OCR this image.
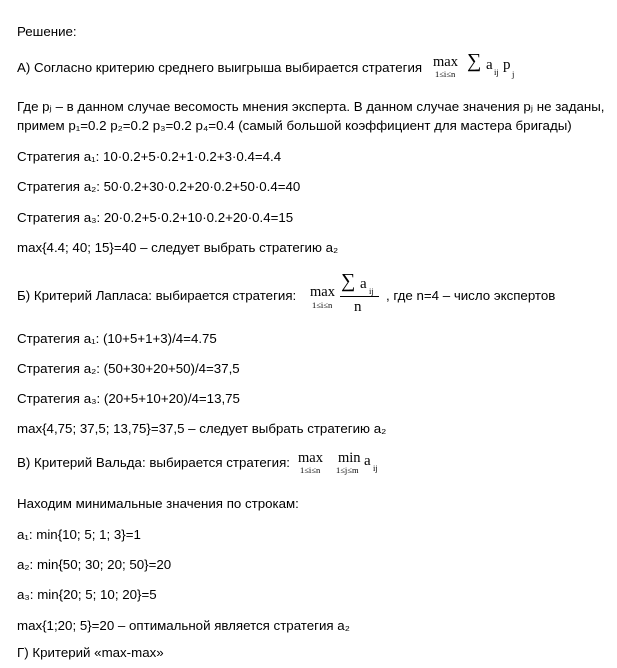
Решение:
А) Согласно критерию среднего выигрыша выбирается стратегия max
1≤i≤n
∑ a ij p
j
Где pⱼ – в данном случае весомость мнения эксперта. В данном случае значения pⱼ не заданы,
примем p₁=0.2 p₂=0.2 p₃=0.2 p₄=0.4 (самый большой коэффициент для мастера бригады)
Стратегия a₁: 10·0.2+5·0.2+1·0.2+3·0.4=4.4
Стратегия a₂: 50·0.2+30·0.2+20·0.2+50·0.4=40
Стратегия a₃: 20·0.2+5·0.2+10·0.2+20·0.4=15
max{4.4; 40; 15}=40 – следует выбрать стратегию a₂
Б) Критерий Лапласа: выбирается стратегия: max
1≤i≤n
∑ a ij
n
, где n=4 – число экспертов
Стратегия a₁: (10+5+1+3)/4=4.75
Стратегия a₂: (50+30+20+50)/4=37,5
Стратегия a₃: (20+5+10+20)/4=13,75
max{4,75; 37,5; 13,75}=37,5 – следует выбрать стратегию a₂
В) Критерий Вальда: выбирается стратегия: max
1≤i≤n
min
1≤j≤m
a ij
Находим минимальные значения по строкам:
a₁: min{10; 5; 1; 3}=1
a₂: min{50; 30; 20; 50}=20
a₃: min{20; 5; 10; 20}=5
max{1;20; 5}=20 – оптимальной является стратегия a₂
Г) Критерий «max-max»
